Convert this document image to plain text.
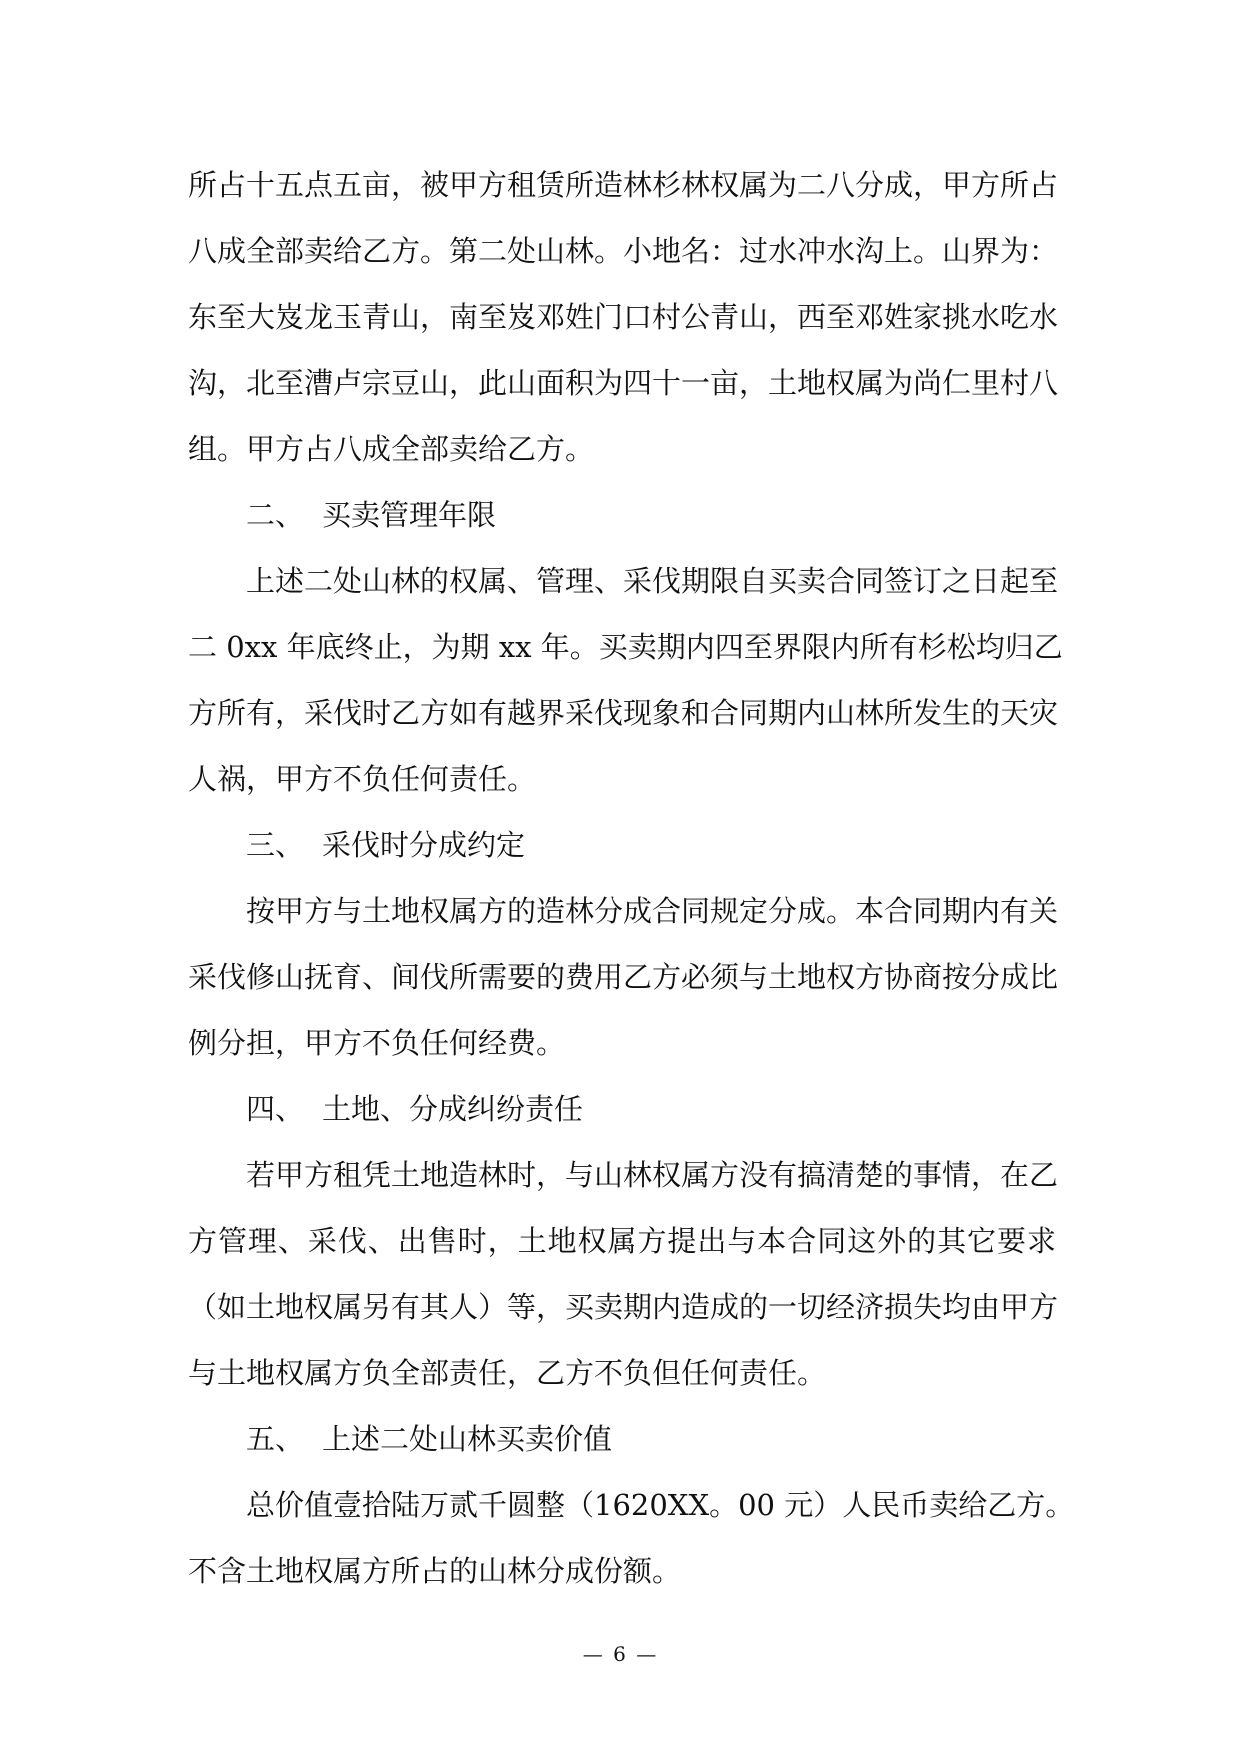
所占十五点五亩，被甲方租赁所造林杉林权属为二八分成，甲方所占
八成全部卖给乙方。第二处山林。小地名：过水冲水沟上。山界为：
东至大岌龙玉青山，南至岌邓姓门口村公青山，西至邓姓家挑水吃水
沟，北至漕卢宗豆山，此山面积为四十一亩，土地权属为尚仁里村八
组。甲方占八成全部卖给乙方。
二、 买卖管理年限
上述二处山林的权属、管理、采伐期限自买卖合同签订之日起至
二 0xx 年底终止，为期 xx 年。买卖期内四至界限内所有杉松均归乙
方所有，采伐时乙方如有越界采伐现象和合同期内山林所发生的天灾
人祸，甲方不负任何责任。
三、 采伐时分成约定
按甲方与土地权属方的造林分成合同规定分成。本合同期内有关
采伐修山抚育、间伐所需要的费用乙方必须与土地权方协商按分成比
例分担，甲方不负任何经费。
四、 土地、分成纠纷责任
若甲方租凭土地造林时，与山林权属方没有搞清楚的事情，在乙
方管理、采伐、出售时，土地权属方提出与本合同这外的其它要求
（如土地权属另有其人）等，买卖期内造成的一切经济损失均由甲方
与土地权属方负全部责任，乙方不负但任何责任。
五、 上述二处山林买卖价值
总价值壹拾陆万贰千圆整（1620XX。00 元）人民币卖给乙方。
不含土地权属方所占的山林分成份额。
— 6 —
